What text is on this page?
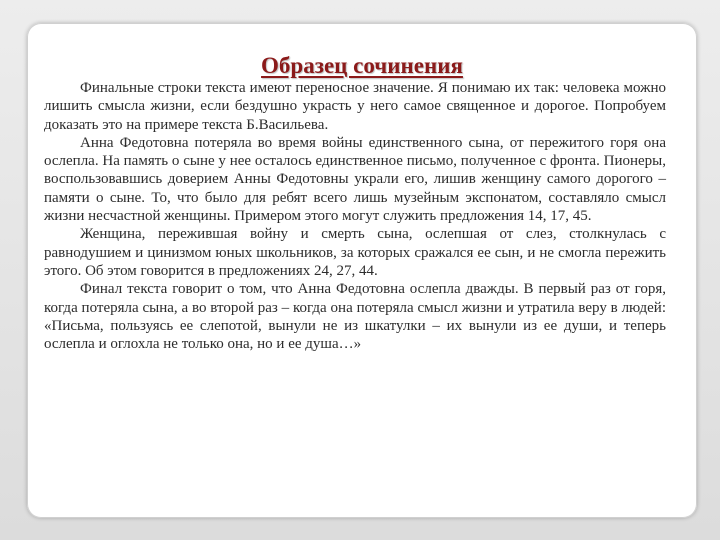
Образец сочинения

Финальные строки текста имеют переносное значение. Я понимаю их так: человека можно лишить смысла жизни, если бездушно украсть у него самое священное и дорогое. Попробуем доказать это на примере текста Б.Васильева.

Анна Федотовна потеряла во время войны единственного сына, от пережитого горя она ослепла. На память о сыне у нее осталось единственное письмо, полученное с фронта. Пионеры, воспользовавшись доверием Анны Федотовны украли его, лишив женщину самого дорогого – памяти о сыне. То, что было для ребят всего лишь музейным экспонатом, составляло смысл жизни несчастной женщины. Примером этого могут служить предложения 14, 17, 45.

Женщина, пережившая войну и смерть сына, ослепшая от слез, столкнулась с равнодушием и цинизмом юных школьников, за которых сражался ее сын, и не смогла пережить этого. Об этом говорится в предложениях 24, 27, 44.

Финал текста говорит о том, что Анна Федотовна ослепла дважды. В первый раз от горя, когда потеряла сына, а во второй раз – когда она потеряла смысл жизни и утратила веру в людей: «Письма, пользуясь ее слепотой, вынули не из шкатулки – их вынули из ее души, и теперь ослепла и оглохла не только она, но и ее душа…»
